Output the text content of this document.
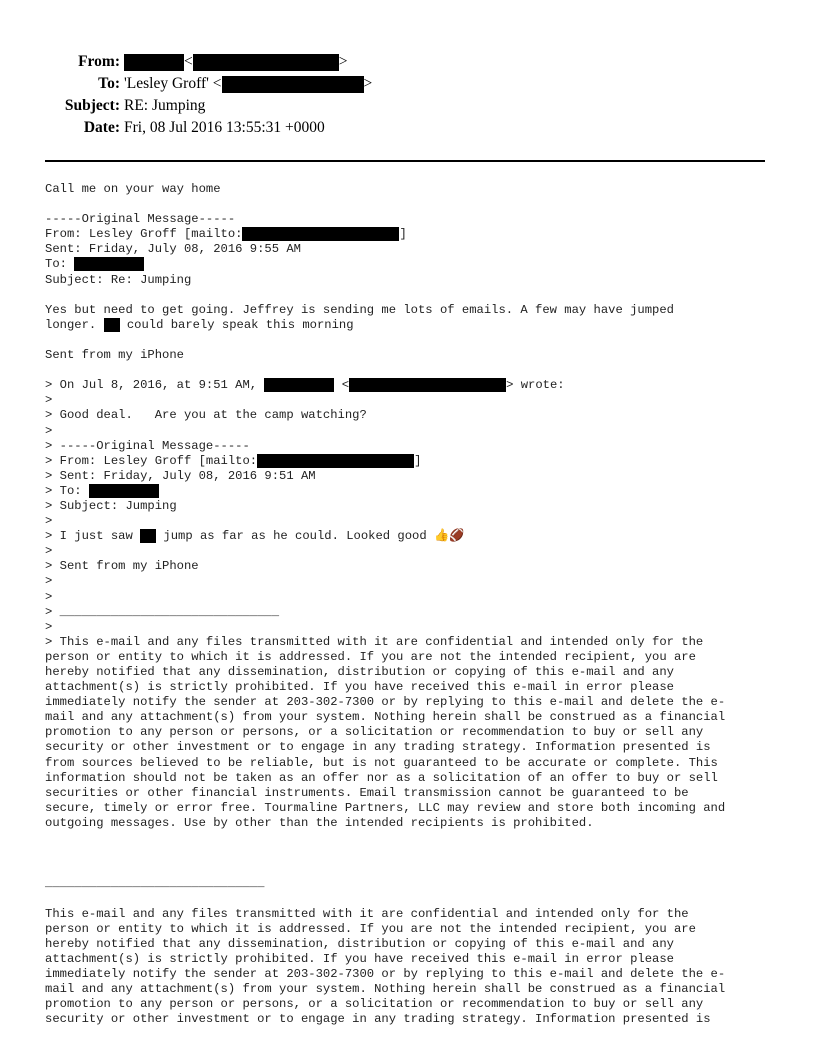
From:	<	>
To: 'Lesley Groff' <	>
Subject: RE: Jumping
Date: Fri, 08 Jul 2016 13:55:31 +0000
Call me on your way home
-----Original Message-----
From: Lesley Groff [mailto:	]
Sent: Friday, July 08, 2016 9:55 AM
To:
Subject: Re: Jumping
Yes but need to get going. Jeffrey is sending me lots of emails. A few may have jumped
longer.  could barely speak this morning
Sent from my iPhone
> On Jul 8, 2016, at 9:51 AM,	<	> wrote:
>
> Good deal.   Are you at the camp watching?
>
> -----Original Message-----
> From: Lesley Groff [mailto:	]
> Sent: Friday, July 08, 2016 9:51 AM
> To:
> Subject: Jumping
>
> I just saw  jump as far as he could. Looked good 👍🏈
>
> Sent from my iPhone
>
>
> ______________________________
>
> This e-mail and any files transmitted with it are confidential and intended only for the
person or entity to which it is addressed. If you are not the intended recipient, you are
hereby notified that any dissemination, distribution or copying of this e-mail and any
attachment(s) is strictly prohibited. If you have received this e-mail in error please
immediately notify the sender at 203-302-7300 or by replying to this e-mail and delete the e-
mail and any attachment(s) from your system. Nothing herein shall be construed as a financial
promotion to any person or persons, or a solicitation or recommendation to buy or sell any
security or other investment or to engage in any trading strategy. Information presented is
from sources believed to be reliable, but is not guaranteed to be accurate or complete. This
information should not be taken as an offer nor as a solicitation of an offer to buy or sell
securities or other financial instruments. Email transmission cannot be guaranteed to be
secure, timely or error free. Tourmaline Partners, LLC may review and store both incoming and
outgoing messages. Use by other than the intended recipients is prohibited.
______________________________
This e-mail and any files transmitted with it are confidential and intended only for the
person or entity to which it is addressed. If you are not the intended recipient, you are
hereby notified that any dissemination, distribution or copying of this e-mail and any
attachment(s) is strictly prohibited. If you have received this e-mail in error please
immediately notify the sender at 203-302-7300 or by replying to this e-mail and delete the e-
mail and any attachment(s) from your system. Nothing herein shall be construed as a financial
promotion to any person or persons, or a solicitation or recommendation to buy or sell any
security or other investment or to engage in any trading strategy. Information presented is
